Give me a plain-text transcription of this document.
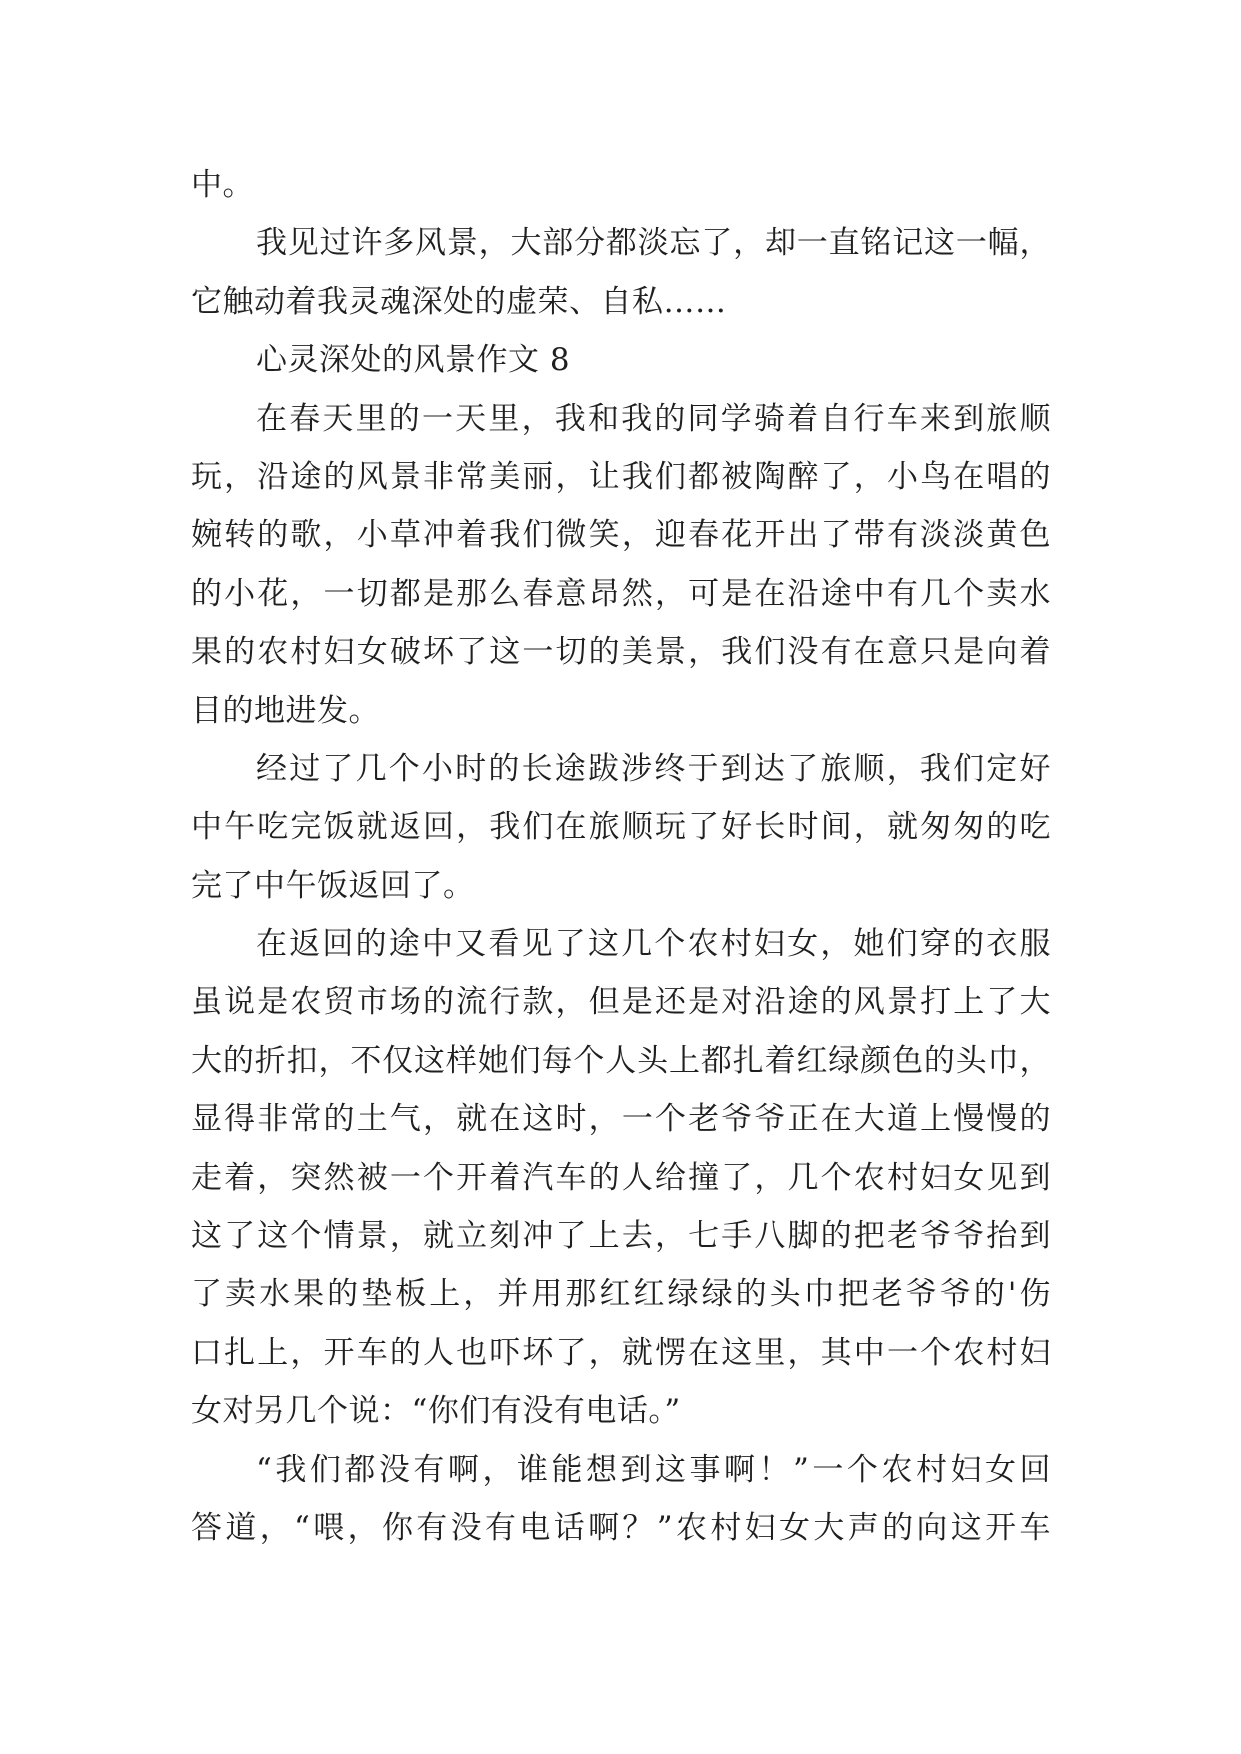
中。
我见过许多风景，大部分都淡忘了，却一直铭记这一幅，
它触动着我灵魂深处的虚荣、自私……
心灵深处的风景作文 8
在春天里的一天里，我和我的同学骑着自行车来到旅顺
玩，沿途的风景非常美丽，让我们都被陶醉了，小鸟在唱的
婉转的歌，小草冲着我们微笑，迎春花开出了带有淡淡黄色
的小花，一切都是那么春意昂然，可是在沿途中有几个卖水
果的农村妇女破坏了这一切的美景，我们没有在意只是向着
目的地进发。
经过了几个小时的长途跋涉终于到达了旅顺，我们定好
中午吃完饭就返回，我们在旅顺玩了好长时间，就匆匆的吃
完了中午饭返回了。
在返回的途中又看见了这几个农村妇女，她们穿的衣服
虽说是农贸市场的流行款，但是还是对沿途的风景打上了大
大的折扣，不仅这样她们每个人头上都扎着红绿颜色的头巾，
显得非常的土气，就在这时，一个老爷爷正在大道上慢慢的
走着，突然被一个开着汽车的人给撞了，几个农村妇女见到
这了这个情景，就立刻冲了上去，七手八脚的把老爷爷抬到
了卖水果的垫板上，并用那红红绿绿的头巾把老爷爷的'伤
口扎上，开车的人也吓坏了，就愣在这里，其中一个农村妇
女对另几个说：“你们有没有电话。”
“我们都没有啊，谁能想到这事啊！”一个农村妇女回
答道，“喂，你有没有电话啊？”农村妇女大声的向这开车
